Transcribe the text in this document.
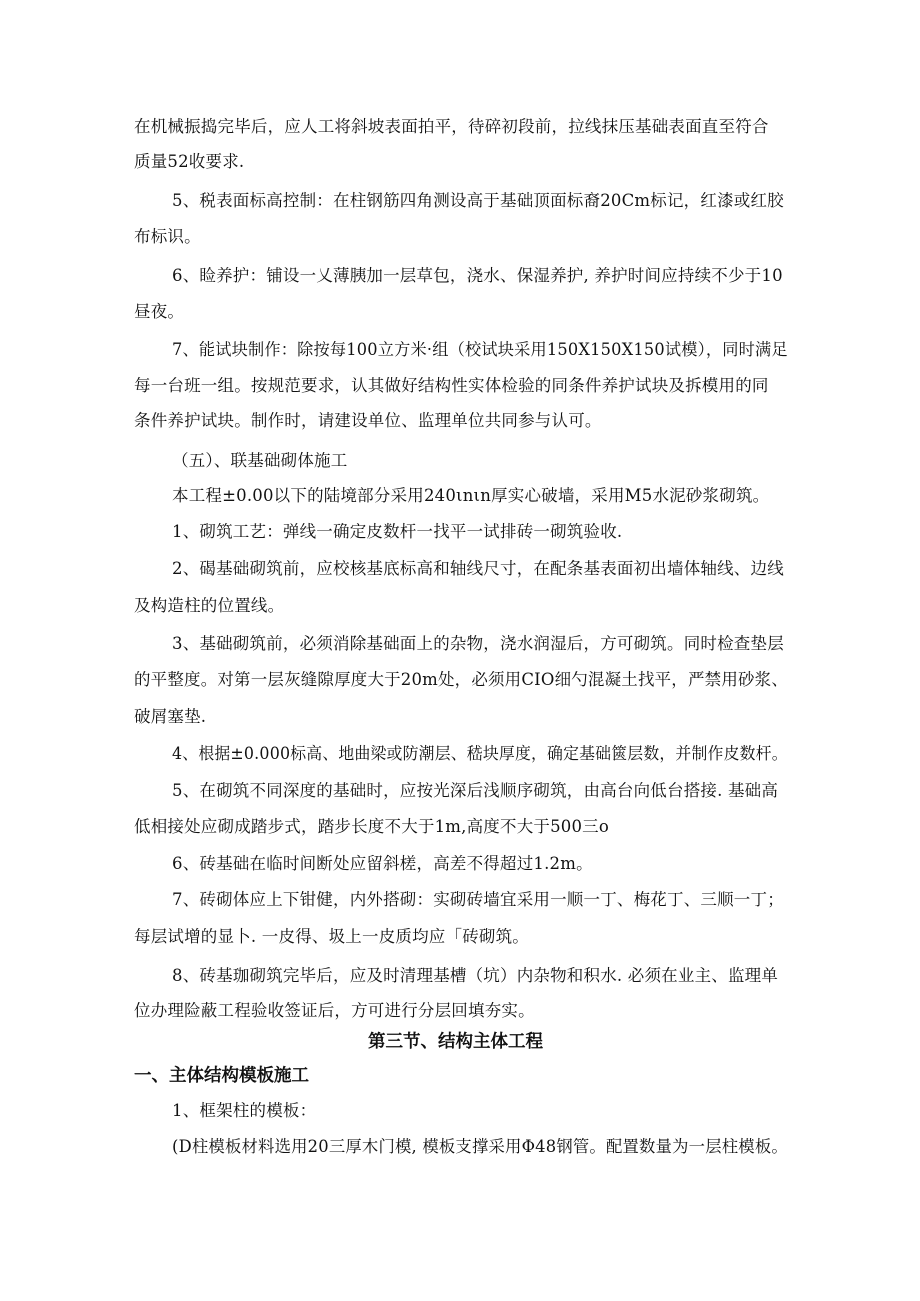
在机械振捣完毕后，应人工将斜坡表面拍平，待碎初段前，拉线抹压基础表面直至符合
质量52收要求.
5、税表面标高控制：在柱钢筋四角测设高于基础顶面标裔20Cm标记，红漆或红胶
布标识。
6、睑养护：铺设一乂薄胰加一层草包，浇水、保湿养护, 养护时间应持续不少于10
昼夜。
7、能试块制作：除按每100立方米·组（校试块采用150X150X150试模），同时满足
每一台班一组。按规范要求，认其做好结构性实体检验的同条件养护试块及拆模用的同
条件养护试块。制作时，请建设单位、监理单位共同参与认可。
（五）、联基础砌体施工
本工程±0.00以下的陆境部分采用240ιnιn厚实心破墙，采用M5水泥砂浆砌筑。
1、砌筑工艺：弹线一确定皮数杆一找平一试排砖一砌筑验收.
2、碣基础砌筑前，应校核基底标高和轴线尺寸，在配条基表面初出墙体轴线、边线
及构造柱的位置线。
3、基础砌筑前，必须消除基础面上的杂物，浇水润湿后，方可砌筑。同时检查垫层
的平整度。对第一层灰缝隙厚度大于20m处，必须用CIO细勺混凝土找平，严禁用砂浆、
破屑塞垫.
4、根据±0.000标高、地曲梁或防潮层、嵇块厚度，确定基础篋层数，并制作皮数杆。
5、在砌筑不同深度的基础时，应按光深后浅顺序砌筑，由高台向低台搭接. 基础高
低相接处应砌成踏步式，踏步长度不大于1m,高度不大于500三o
6、砖基础在临时间断处应留斜槎，高差不得超过1.2m。
7、砖砌体应上下钳健，内外搭砌：实砌砖墙宜采用一顺一丁、梅花丁、三顺一丁；
每层试增的显卜. 一皮得、圾上一皮质均应「砖砌筑。
8、砖基珈砌筑完毕后，应及时清理基槽（坑）内杂物和积水. 必须在业主、监理单
位办理险蔽工程验收签证后，方可进行分层回填夯实。
第三节、结构主体工程
一、主体结构模板施工
1、框架柱的模板：
(D柱模板材料选用20三厚木门模, 模板支撑采用Φ48钢管。配置数量为一层柱模板。
